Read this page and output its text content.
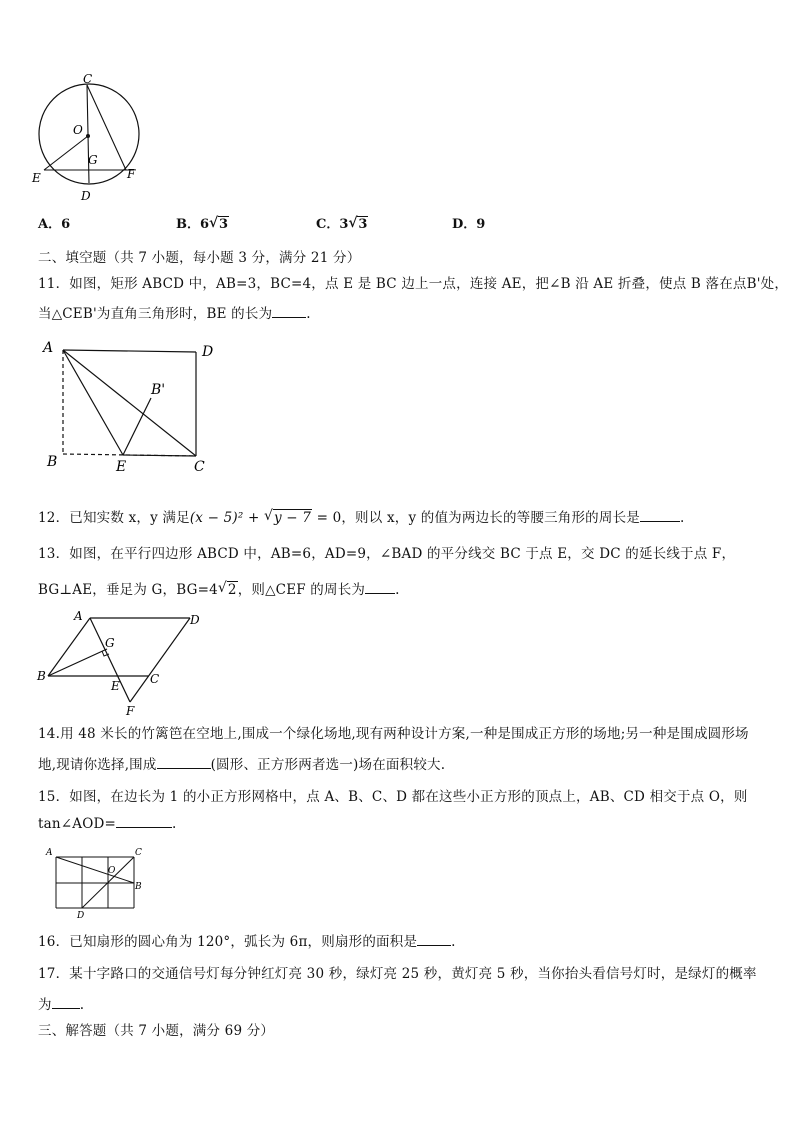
C
O
G
E	F
D
A．6	B．6 √ 3	C．3 √ 3	D．9
二、填空题（共 7 小题，每小题 3 分，满分 21 分）
11．如图，矩形 ABCD 中，AB=3，BC=4，点 E 是 BC 边上一点，连接 AE，把∠B 沿 AE 折叠，使点 B 落在点B'处，
当△CEB'为直角三角形时，BE 的长为	.
A	D
B'
B	E	C
12．已知实数 x，y 满足(x − 5)² + √ y − 7 = 0，则以 x，y 的值为两边长的等腰三角形的周长是	.
13．如图，在平行四边形 ABCD 中，AB=6，AD=9，∠BAD 的平分线交 BC 于点 E，交 DC 的延长线于点 F，
BG⊥AE，垂足为 G，BG=4 √ 2，则△CEF 的周长为 .
A	D
G
B
E	C
F
14.用 48 米长的竹篱笆在空地上,围成一个绿化场地,现有两种设计方案,一种是围成正方形的场地;另一种是围成圆形场
地,现请你选择,围成	(圆形、正方形两者选一)场在面积较大.
15．如图，在边长为 1 的小正方形网格中，点 A、B、C、D 都在这些小正方形的顶点上，AB、CD 相交于点 O，则
tan∠AOD=	.
A	C
O
B
D
16．已知扇形的圆心角为 120°，弧长为 6π，则扇形的面积是	.
17．某十字路口的交通信号灯每分钟红灯亮 30 秒，绿灯亮 25 秒，黄灯亮 5 秒，当你抬头看信号灯时，是绿灯的概率
为 .
三、解答题（共 7 小题，满分 69 分）
